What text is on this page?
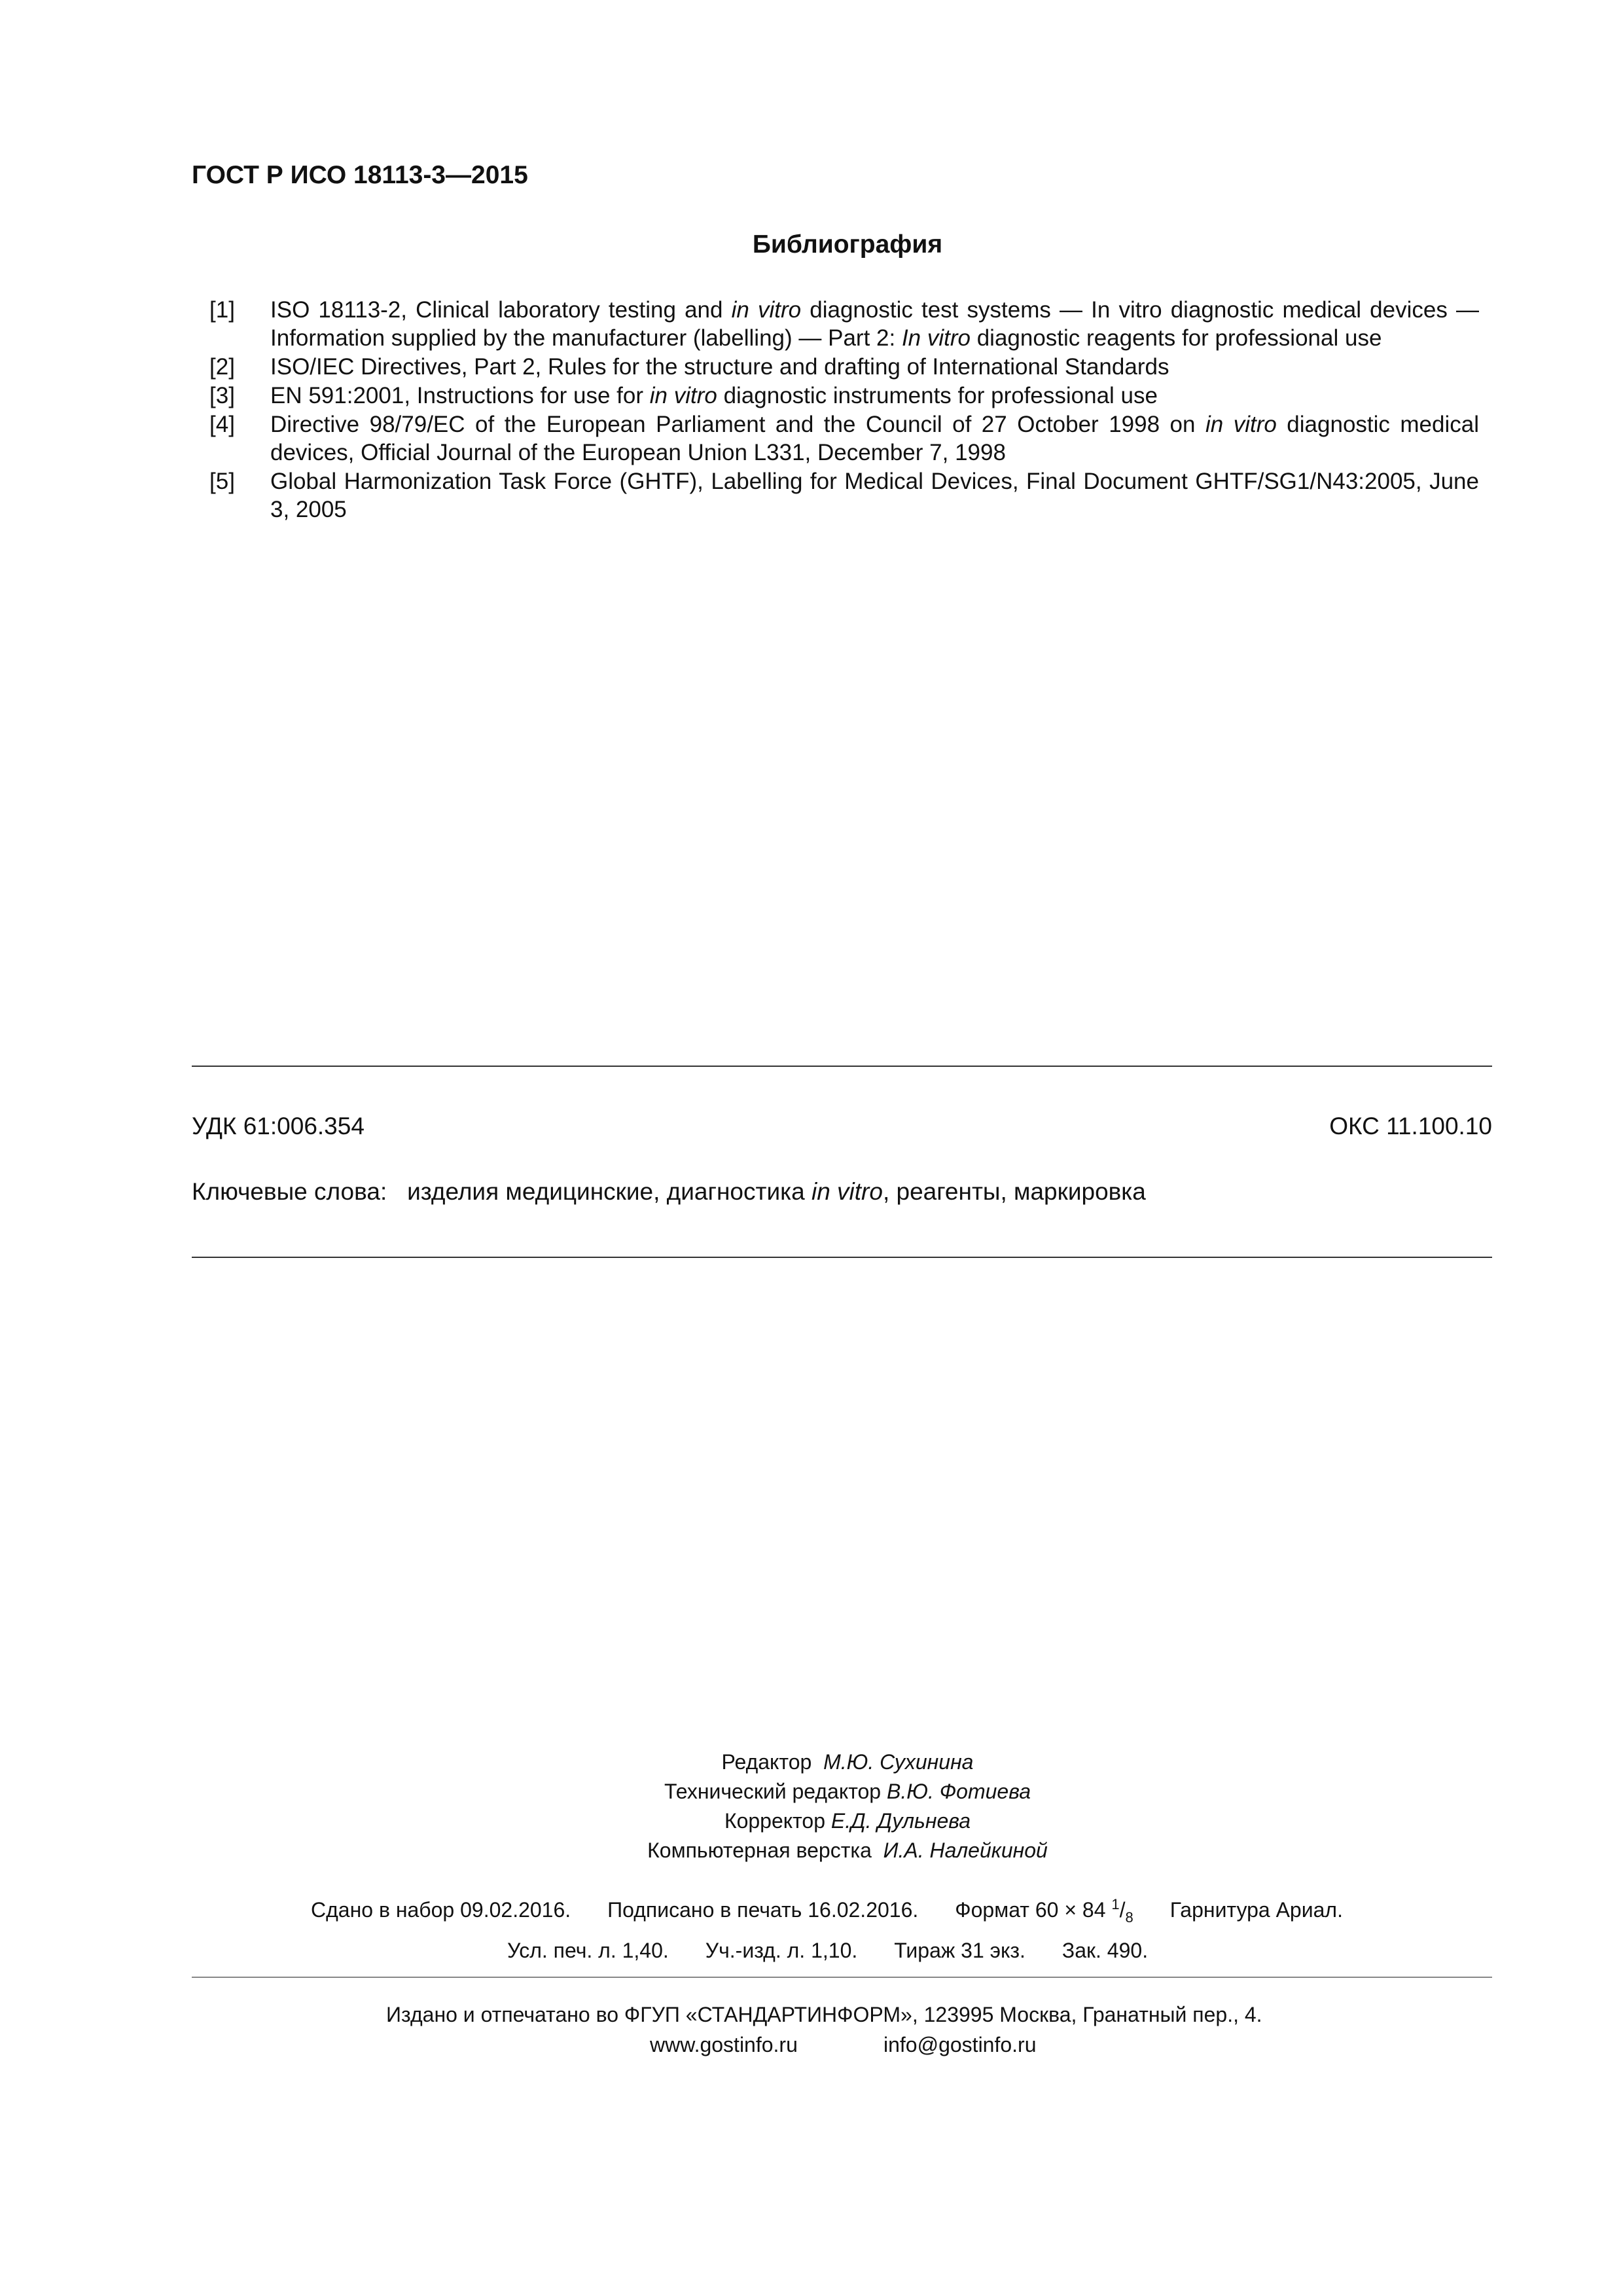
ГОСТ Р ИСО 18113-3—2015
Библиография
[1]	ISO 18113-2, Clinical laboratory testing and in vitro diagnostic test systems — In vitro diagnostic medical devices — Information supplied by the manufacturer (labelling) — Part 2: In vitro diagnostic reagents for professional use
[2]	ISO/IEC Directives, Part 2, Rules for the structure and drafting of International Standards
[3]	EN 591:2001, Instructions for use for in vitro diagnostic instruments for professional use
[4]	Directive 98/79/EC of the European Parliament and the Council of 27 October 1998 on in vitro diagnostic medical devices, Official Journal of the European Union L331, December 7, 1998
[5]	Global Harmonization Task Force (GHTF), Labelling for Medical Devices, Final Document GHTF/SG1/N43:2005, June 3, 2005
УДК 61:006.354	ОКС 11.100.10
Ключевые слова: изделия медицинские, диагностика in vitro, реагенты, маркировка
Редактор М.Ю. Сухинина
Технический редактор В.Ю. Фотиева
Корректор Е.Д. Дульнева
Компьютерная верстка И.А. Налейкиной
Сдано в набор 09.02.2016. Подписано в печать 16.02.2016. Формат 60 × 84 $^1/_8$ Гарнитура Ариал.
Усл. печ. л. 1,40. Уч.-изд. л. 1,10. Тираж 31 экз. Зак. 490.
Издано и отпечатано во ФГУП «СТАНДАРТИНФОРМ», 123995 Москва, Гранатный пер., 4.
www.gostinfo.ru	info@gostinfo.ru
